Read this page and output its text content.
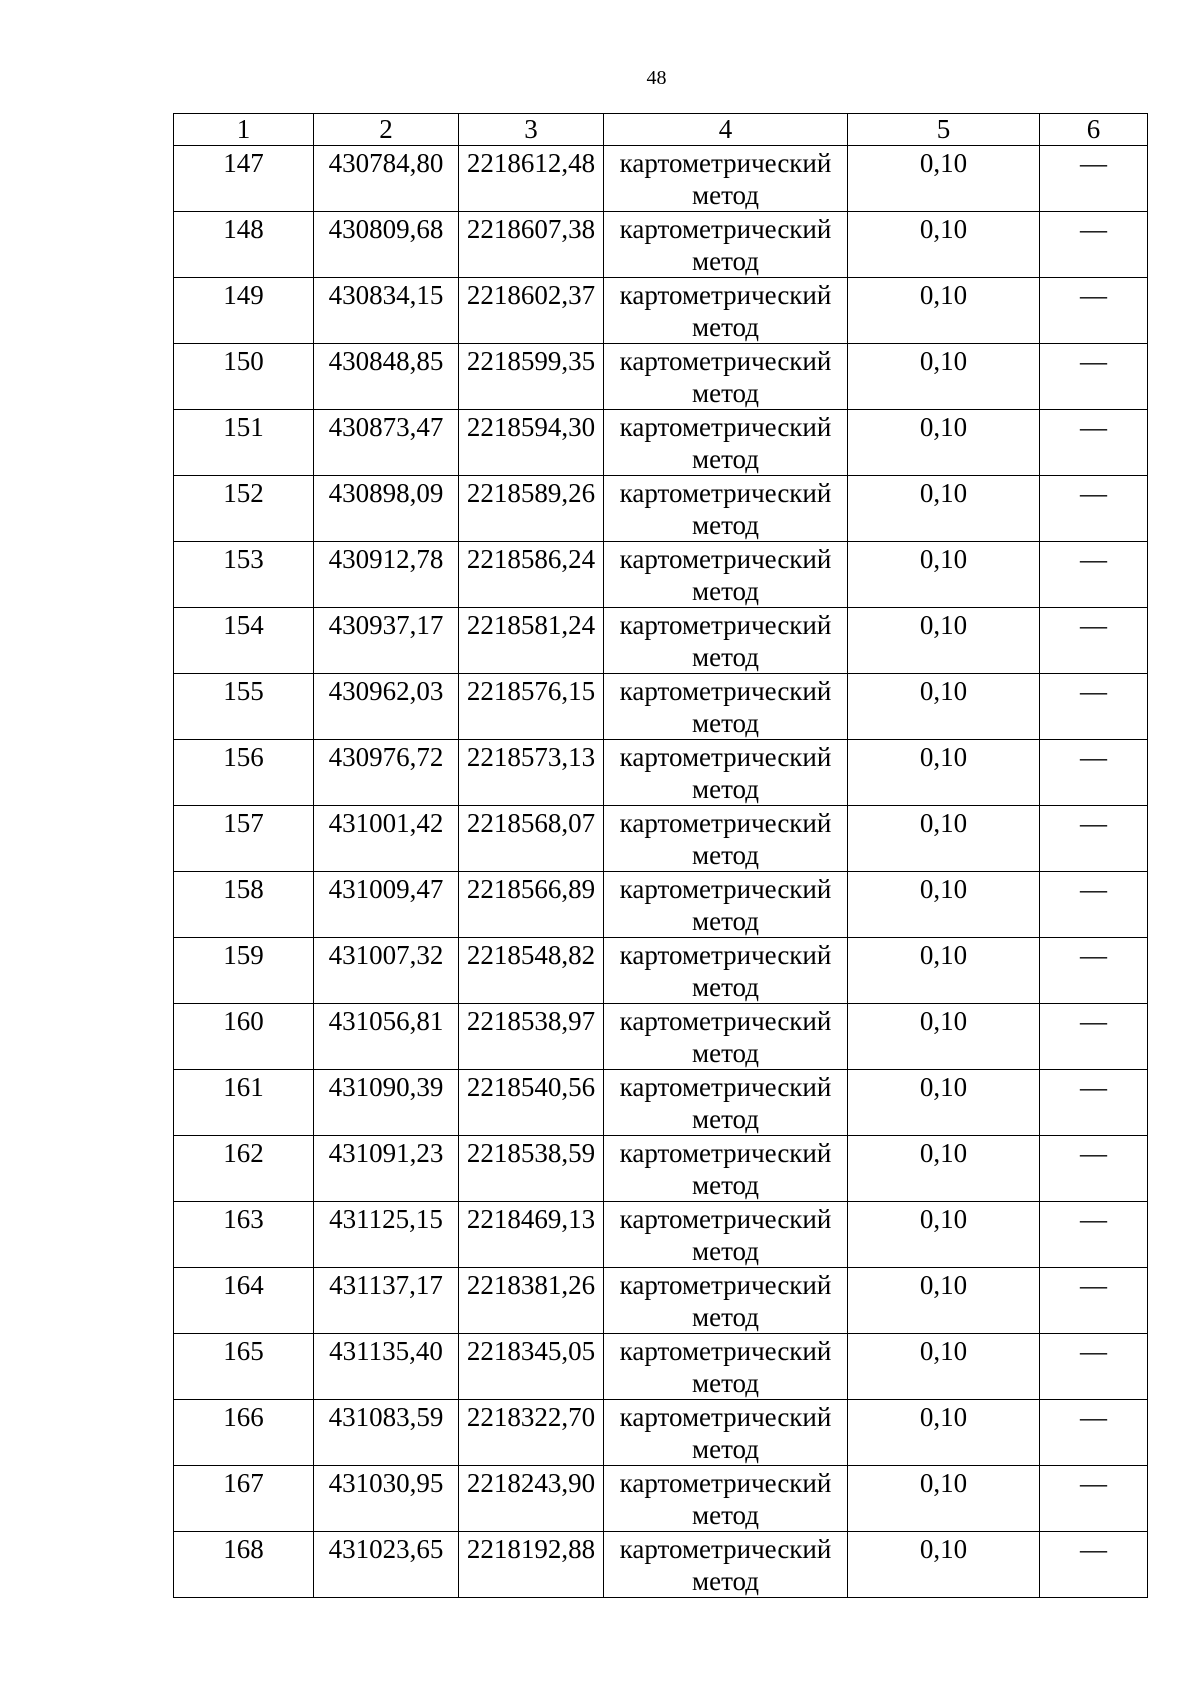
48
1	2	3	4	5	6

147	430784,80	2218612,48	картометрический метод	0,10	—

148	430809,68	2218607,38	картометрический метод	0,10	—

149	430834,15	2218602,37	картометрический метод	0,10	—

150	430848,85	2218599,35	картометрический метод	0,10	—

151	430873,47	2218594,30	картометрический метод	0,10	—

152	430898,09	2218589,26	картометрический метод	0,10	—

153	430912,78	2218586,24	картометрический метод	0,10	—

154	430937,17	2218581,24	картометрический метод	0,10	—

155	430962,03	2218576,15	картометрический метод	0,10	—

156	430976,72	2218573,13	картометрический метод	0,10	—

157	431001,42	2218568,07	картометрический метод	0,10	—

158	431009,47	2218566,89	картометрический метод	0,10	—

159	431007,32	2218548,82	картометрический метод	0,10	—

160	431056,81	2218538,97	картометрический метод	0,10	—

161	431090,39	2218540,56	картометрический метод	0,10	—

162	431091,23	2218538,59	картометрический метод	0,10	—

163	431125,15	2218469,13	картометрический метод	0,10	—

164	431137,17	2218381,26	картометрический метод	0,10	—

165	431135,40	2218345,05	картометрический метод	0,10	—

166	431083,59	2218322,70	картометрический метод	0,10	—

167	431030,95	2218243,90	картометрический метод	0,10	—

168	431023,65	2218192,88	картометрический метод	0,10	—
